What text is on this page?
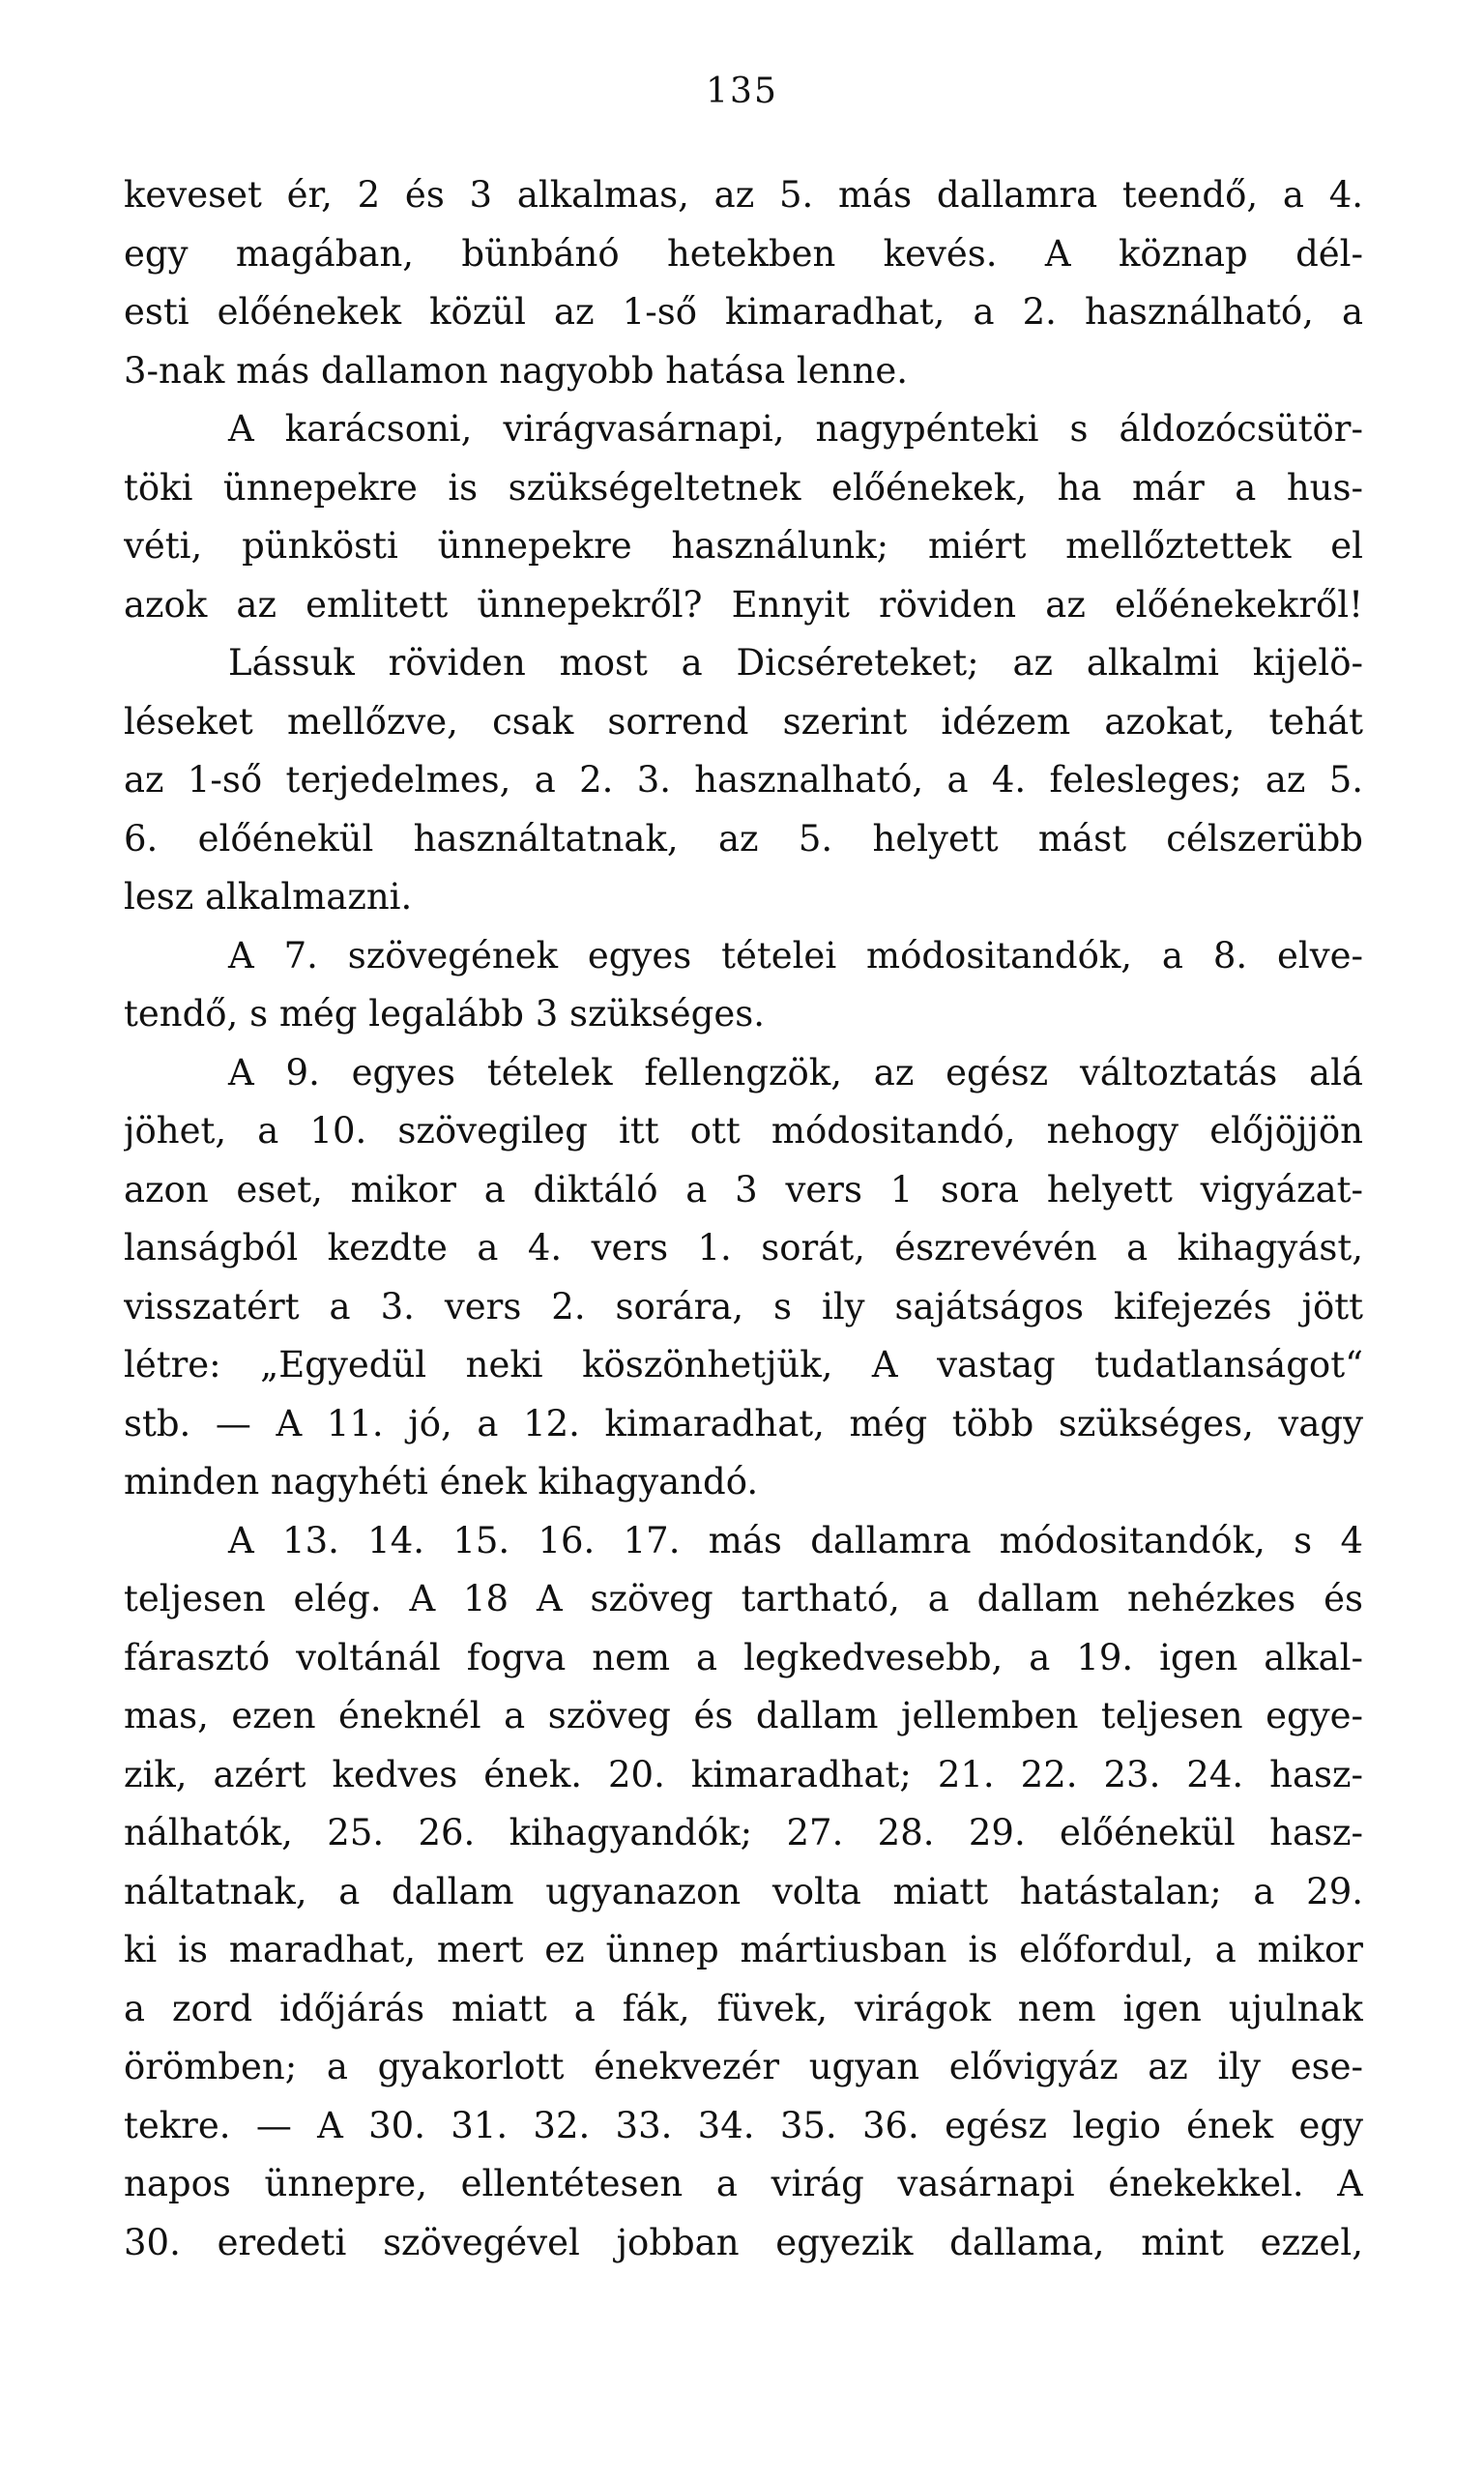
135

keveset ér, 2 és 3 alkalmas, az 5. más dallamra teendő, a 4.

egy magában, bünbánó hetekben kevés. A köznap dél-

esti előénekek közül az 1-ső kimaradhat, a 2. használható, a

3-nak más dallamon nagyobb hatása lenne.

A karácsoni, virágvasárnapi, nagypénteki s áldozócsütör-

töki ünnepekre is szükségeltetnek előénekek, ha már a hus-

véti, pünkösti ünnepekre használunk; miért mellőztettek el

azok az emlitett ünnepekről? Ennyit röviden az előénekekről!

Lássuk röviden most a Dicséreteket; az alkalmi kijelö-

léseket mellőzve, csak sorrend szerint idézem azokat, tehát

az 1-ső terjedelmes, a 2. 3. hasznalható, a 4. felesleges; az 5.

6. előénekül használtatnak, az 5. helyett mást célszerübb

lesz alkalmazni.

A 7. szövegének egyes tételei módositandók, a 8. elve-

tendő, s még legalább 3 szükséges.

A 9. egyes tételek fellengzök, az egész változtatás alá

jöhet, a 10. szövegileg itt ott módositandó, nehogy előjöjjön

azon eset, mikor a diktáló a 3 vers 1 sora helyett vigyázat-

lanságból kezdte a 4. vers 1. sorát, észrevévén a kihagyást,

visszatért a 3. vers 2. sorára, s ily sajátságos kifejezés jött

létre: „Egyedül neki köszönhetjük, A vastag tudatlanságot“

stb. — A 11. jó, a 12. kimaradhat, még több szükséges, vagy

minden nagyhéti ének kihagyandó.

A 13. 14. 15. 16. 17. más dallamra módositandók, s 4

teljesen elég. A 18 A szöveg tartható, a dallam nehézkes és

fárasztó voltánál fogva nem a legkedvesebb, a 19. igen alkal-

mas, ezen éneknél a szöveg és dallam jellemben teljesen egye-

zik, azért kedves ének. 20. kimaradhat; 21. 22. 23. 24. hasz-

nálhatók, 25. 26. kihagyandók; 27. 28. 29. előénekül hasz-

náltatnak, a dallam ugyanazon volta miatt hatástalan; a 29.

ki is maradhat, mert ez ünnep mártiusban is előfordul, a mikor

a zord időjárás miatt a fák, füvek, virágok nem igen ujulnak

örömben; a gyakorlott énekvezér ugyan elővigyáz az ily ese-

tekre. — A 30. 31. 32. 33. 34. 35. 36. egész legio ének egy

napos ünnepre, ellentétesen a virág vasárnapi énekekkel. A

30. eredeti szövegével jobban egyezik dallama, mint ezzel,
